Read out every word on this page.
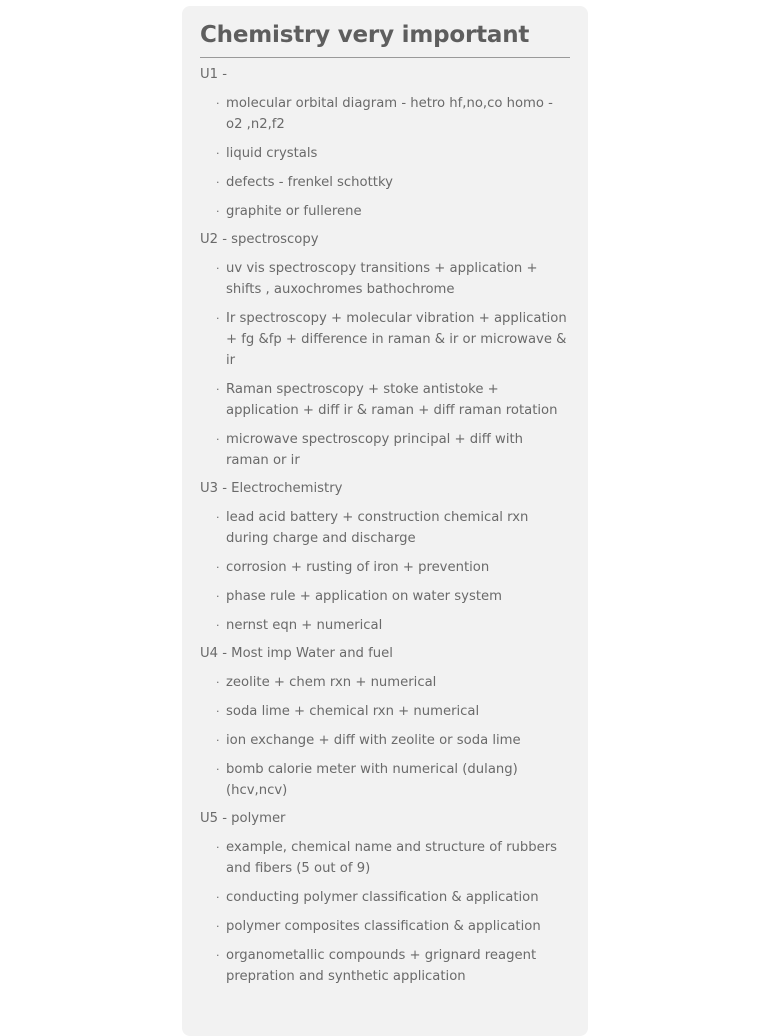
Chemistry very important
U1 -
· molecular orbital diagram - hetro hf,no,co homo - o2 ,n2,f2
· liquid crystals
· defects - frenkel schottky
· graphite or fullerene
U2 - spectroscopy
· uv vis spectroscopy transitions + application + shifts , auxochromes bathochrome
· Ir spectroscopy + molecular vibration + application + fg &fp + difference in raman & ir or microwave & ir
· Raman spectroscopy + stoke antistoke + application + diff ir & raman + diff raman rotation
· microwave spectroscopy principal + diff with raman or ir
U3 - Electrochemistry
· lead acid battery + construction chemical rxn during charge and discharge
· corrosion + rusting of iron + prevention
· phase rule + application on water system
· nernst eqn + numerical
U4 - Most imp Water and fuel
· zeolite + chem rxn + numerical
· soda lime + chemical rxn + numerical
· ion exchange + diff with zeolite or soda lime
· bomb calorie meter with numerical (dulang) (hcv,ncv)
U5 - polymer
· example, chemical name and structure of rubbers and fibers (5 out of 9)
· conducting polymer classification & application
· polymer composites classification & application
· organometallic compounds + grignard reagent prepration and synthetic application
